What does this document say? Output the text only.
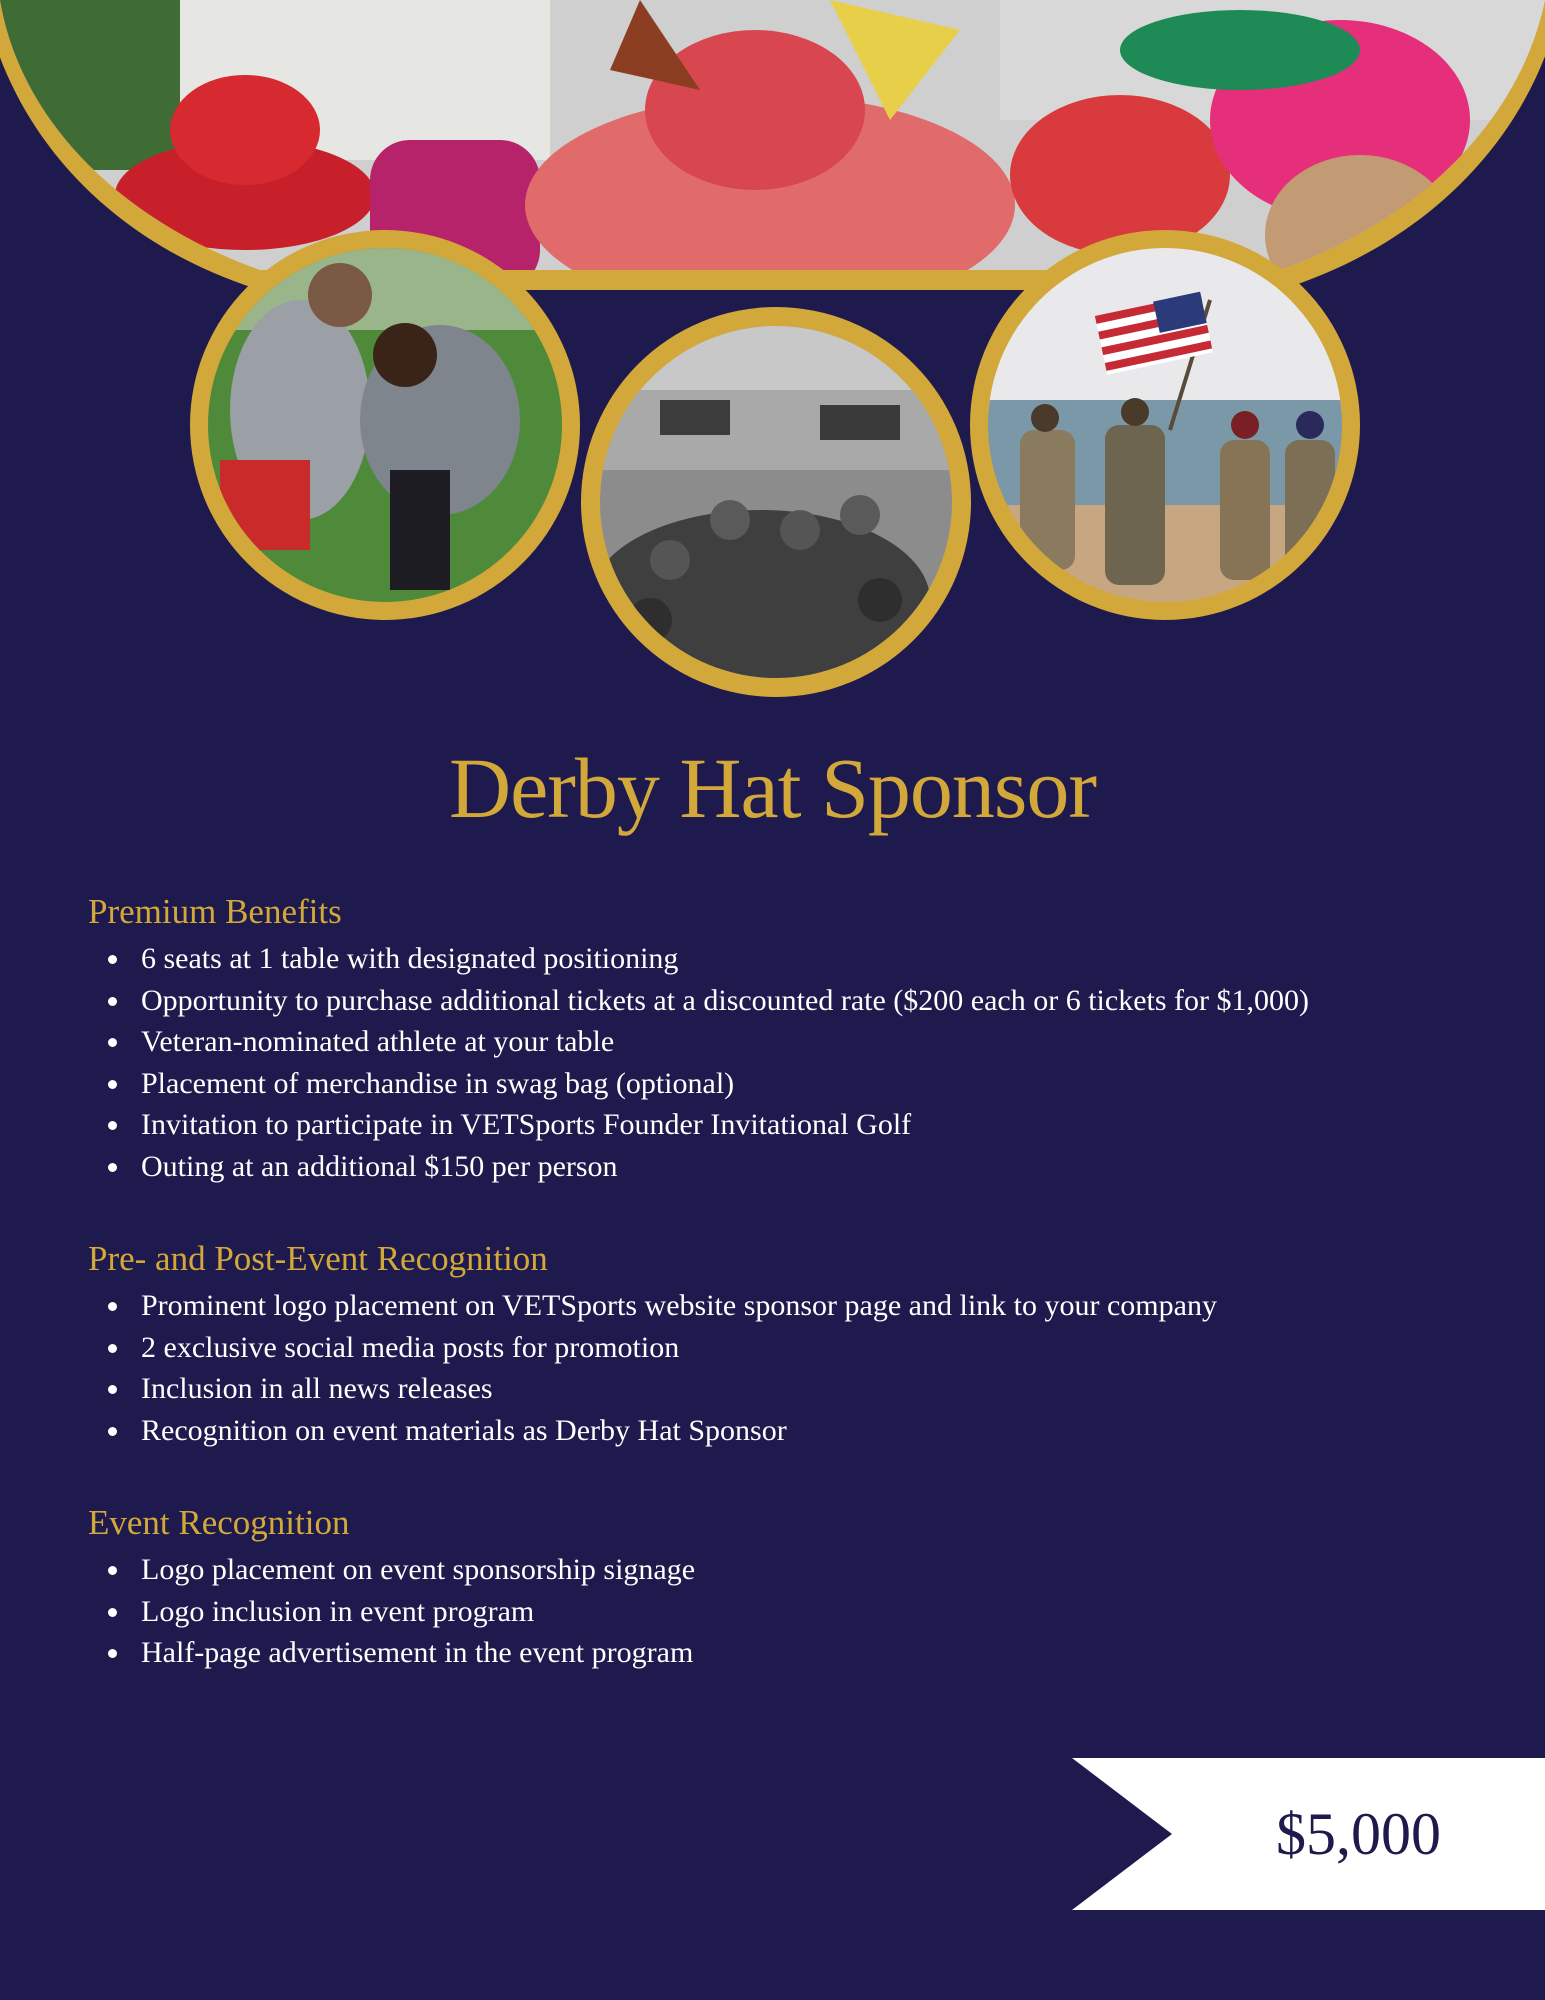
Derby Hat Sponsor
Premium Benefits
6 seats at 1 table with designated positioning
Opportunity to purchase additional tickets at a discounted rate ($200 each or 6 tickets for $1,000)
Veteran-nominated athlete at your table
Placement of merchandise in swag bag (optional)
Invitation to participate in VETSports Founder Invitational Golf
Outing at an additional $150 per person
Pre- and Post-Event Recognition
Prominent logo placement on VETSports website sponsor page and link to your company
2 exclusive social media posts for promotion
Inclusion in all news releases
Recognition on event materials as Derby Hat Sponsor
Event Recognition
Logo placement on event sponsorship signage
Logo inclusion in event program
Half-page advertisement in the event program
$5,000
